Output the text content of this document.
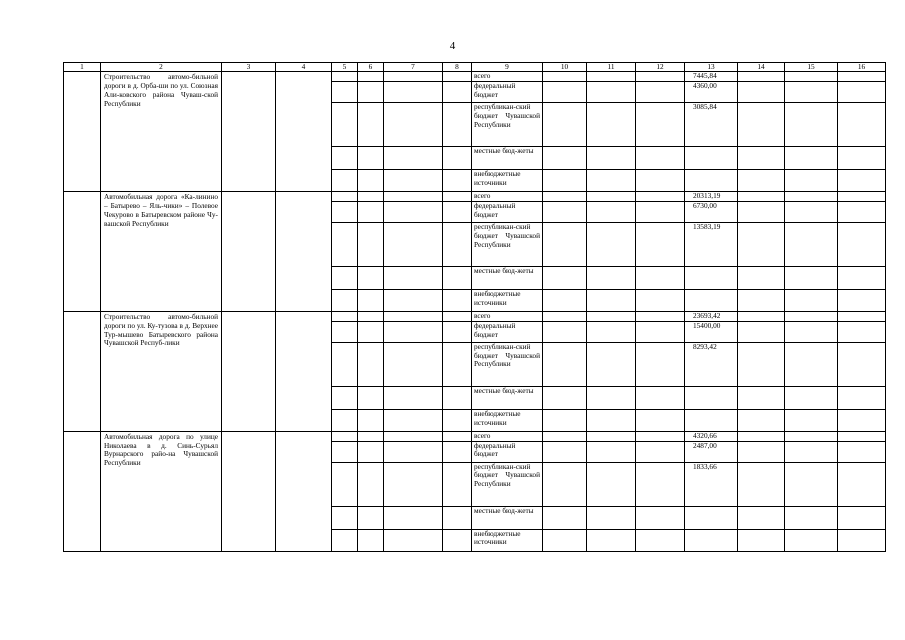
4
1	2	3	4	5	6	7	8	9	10	11	12	13	14	15	16
	Строительство автомо-бильной дороги в д. Орба-ши по ул. Союзная Али-ковского района Чуваш-ской Республики							всего				7445,84			
								федеральный бюджет				4360,00			
								республикан-ский бюджет Чувашской Республики				3085,84			
								местные бюд-жеты							
								внебюджетные источники							
	Автомобильная дорога «Ка-линино – Батырево – Яль-чики» – Полевое Чекурово в Батыревском районе Чу-вашской Республики							всего				20313,19			
								федеральный бюджет				6730,00			
								республикан-ский бюджет Чувашской Республики				13583,19			
								местные бюд-жеты							
								внебюджетные источники							
	Строительство автомо-бильной дороги по ул. Ку-тузова в д. Верхнее Тур-мышево Батыревского района Чувашской Респуб-лики							всего				23693,42			
								федеральный бюджет				15400,00			
								республикан-ский бюджет Чувашской Республики				8293,42			
								местные бюд-жеты							
								внебюджетные источники							
	Автомобильная дорога по улице Николаева в д. Синь-Сурьял Вурнарского райо-на Чувашской Республики							всего				4320,66			
								федеральный бюджет				2487,00			
								республикан-ский бюджет Чувашской Республики				1833,66			
								местные бюд-жеты							
								внебюджетные источники							
